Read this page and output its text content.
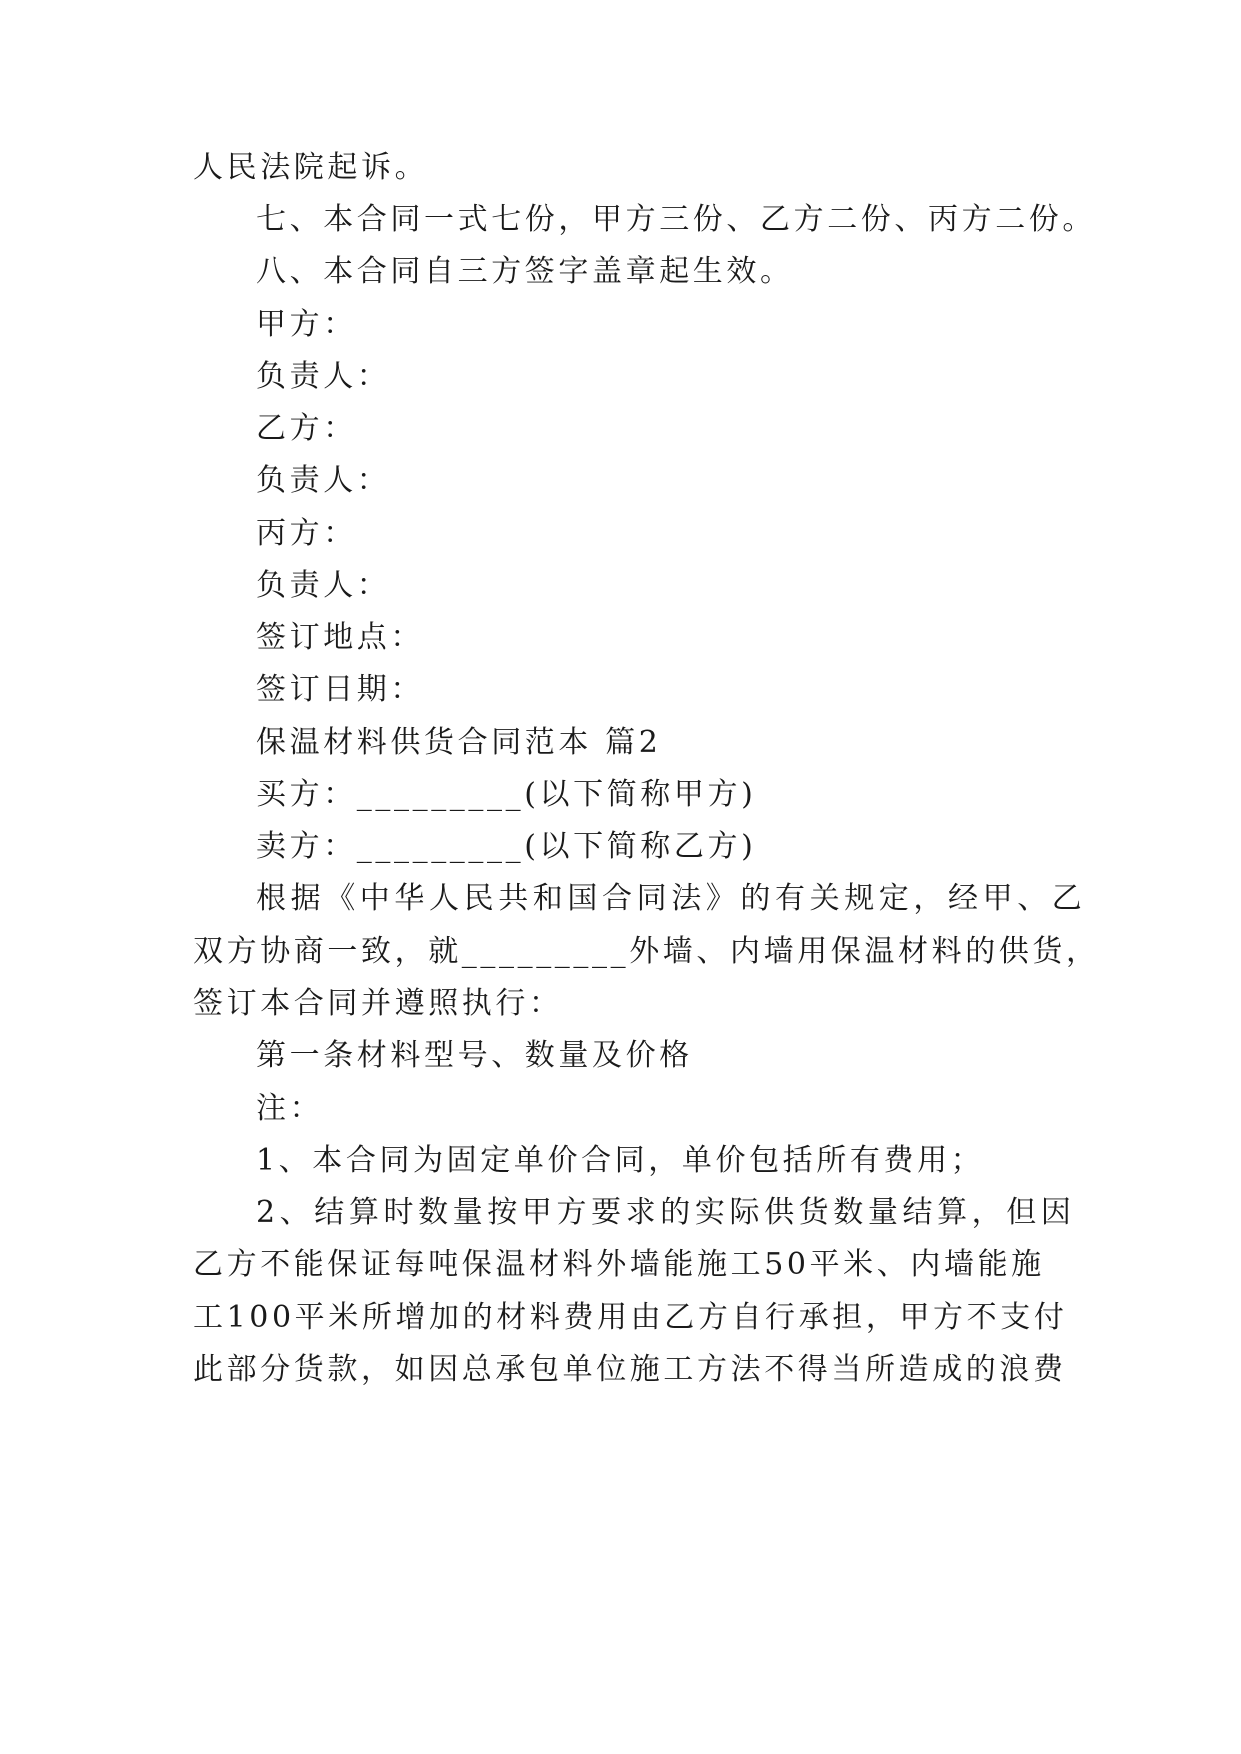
人民法院起诉。
七、本合同一式七份，甲方三份、乙方二份、丙方二份。
八、本合同自三方签字盖章起生效。
甲方：
负责人：
乙方：
负责人：
丙方：
负责人：
签订地点：
签订日期：
保温材料供货合同范本 篇2
买方：_________(以下简称甲方)
卖方：_________(以下简称乙方)
根据《中华人民共和国合同法》的有关规定，经甲、乙
双方协商一致，就_________外墙、内墙用保温材料的供货，
签订本合同并遵照执行：
第一条材料型号、数量及价格
注：
1、本合同为固定单价合同，单价包括所有费用；
2、结算时数量按甲方要求的实际供货数量结算，但因
乙方不能保证每吨保温材料外墙能施工50平米、内墙能施
工100平米所增加的材料费用由乙方自行承担，甲方不支付
此部分货款，如因总承包单位施工方法不得当所造成的浪费
